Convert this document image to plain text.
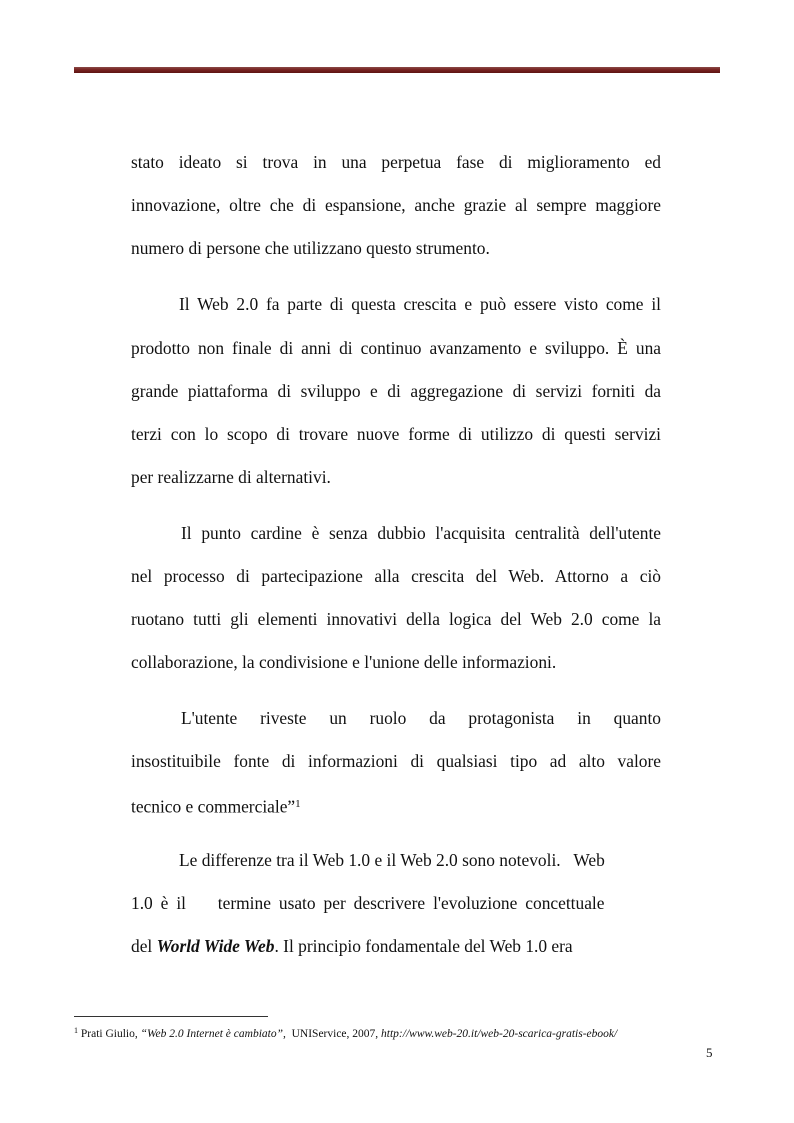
stato ideato si trova in una perpetua fase di miglioramento ed
innovazione, oltre che di espansione, anche grazie al sempre maggiore
numero di persone che utilizzano questo strumento.
Il Web 2.0 fa parte di questa crescita e può essere visto come il
prodotto non finale di anni di continuo avanzamento e sviluppo. È una
grande piattaforma di sviluppo e di aggregazione di servizi forniti da
terzi con lo scopo di trovare nuove forme di utilizzo di questi servizi
per realizzarne di alternativi.
Il punto cardine è senza dubbio l'acquisita centralità dell'utente
nel processo di partecipazione alla crescita del Web. Attorno a ciò
ruotano tutti gli elementi innovativi della logica del Web 2.0 come la
collaborazione, la condivisione e l'unione delle informazioni.
L'utente riveste un ruolo da protagonista in quanto
insostituibile fonte di informazioni di qualsiasi tipo ad alto valore
tecnico e commerciale”$^1$
Le differenze tra il Web 1.0 e il Web 2.0 sono notevoli.   Web
1.0 è il    termine usato per descrivere l'evoluzione concettuale
del World Wide Web. Il principio fondamentale del Web 1.0 era
$^1$ Prati Giulio, “Web 2.0 Internet è cambiato”,  UNIService, 2007, http://www.web-20.it/web-20-scarica-gratis-ebook/
5
